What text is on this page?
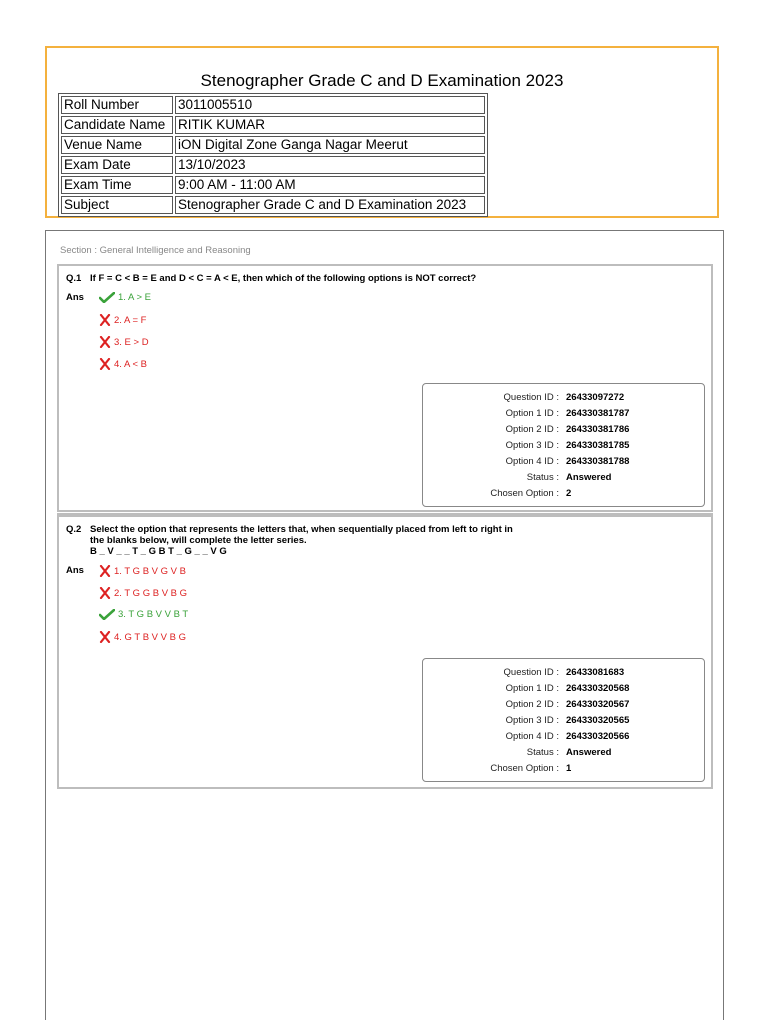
Stenographer Grade C and D Examination 2023
Roll Number	3011005510
Candidate Name	RITIK KUMAR
Venue Name	iON Digital Zone Ganga Nagar Meerut
Exam Date	13/10/2023
Exam Time	9:00 AM - 11:00 AM
Subject	Stenographer Grade C and D Examination 2023
Section : General Intelligence and Reasoning
Q.1 If F = C < B = E and D < C = A < E, then which of the following options is NOT correct?
Ans	1. A > E
2. A = F
3. E > D
4. A < B
Question ID : 26433097272
Option 1 ID : 264330381787
Option 2 ID : 264330381786
Option 3 ID : 264330381785
Option 4 ID : 264330381788
Status : Answered
Chosen Option : 2
Q.2 Select the option that represents the letters that, when sequentially placed from left to right in
the blanks below, will complete the letter series.
B _ V _ _ T _ G B T _ G _ _ V G
Ans	1. T G B V G V B
2. T G G B V B G
3. T G B V V B T
4. G T B V V B G
Question ID : 26433081683
Option 1 ID : 264330320568
Option 2 ID : 264330320567
Option 3 ID : 264330320565
Option 4 ID : 264330320566
Status : Answered
Chosen Option : 1
